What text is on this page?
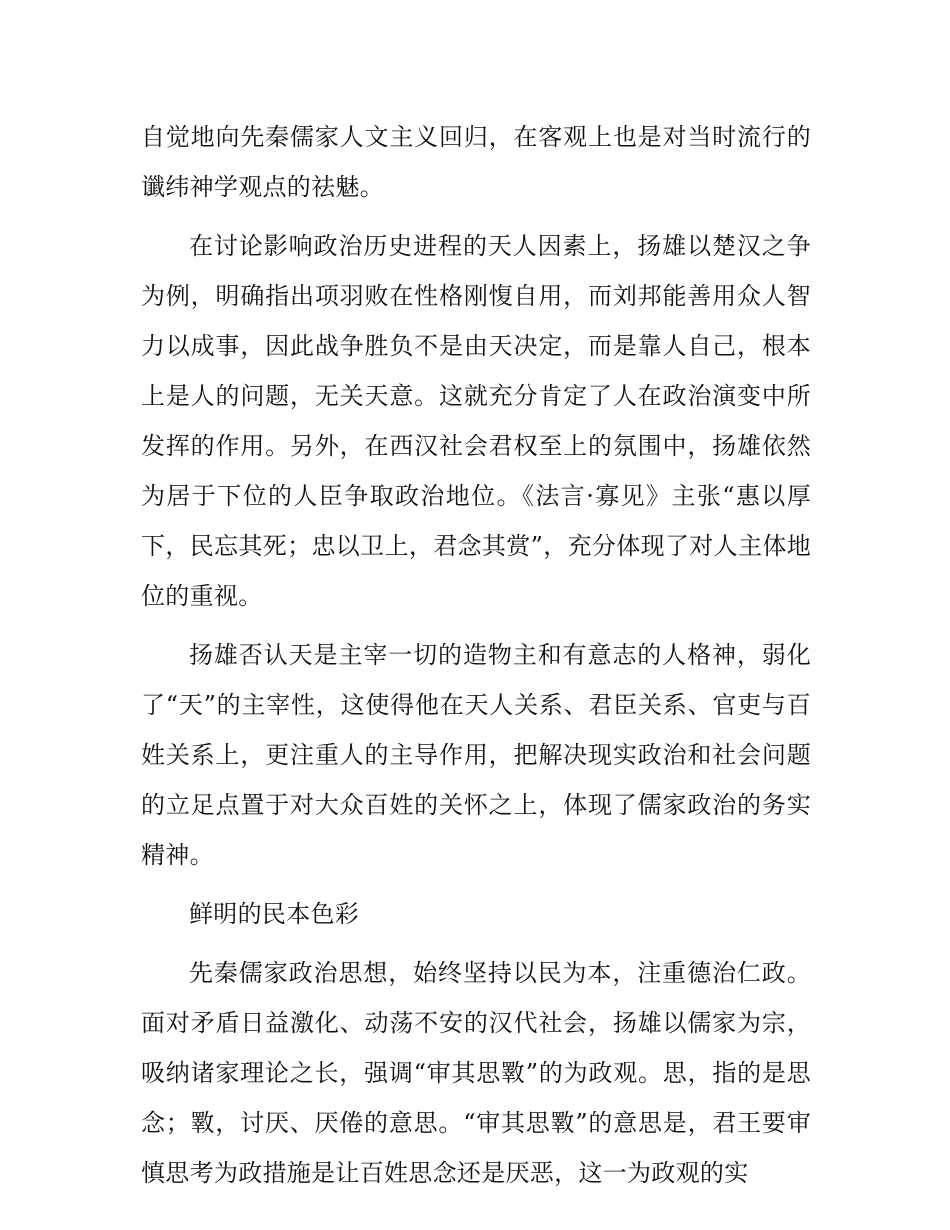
自觉地向先秦儒家人文主义回归，在客观上也是对当时流行的谶纬神学观点的祛魅。

在讨论影响政治历史进程的天人因素上，扬雄以楚汉之争为例，明确指出项羽败在性格刚愎自用，而刘邦能善用众人智力以成事，因此战争胜负不是由天决定，而是靠人自己，根本上是人的问题，无关天意。这就充分肯定了人在政治演变中所发挥的作用。另外，在西汉社会君权至上的氛围中，扬雄依然为居于下位的人臣争取政治地位。《法言·寡见》主张“惠以厚下，民忘其死；忠以卫上，君念其赏”，充分体现了对人主体地位的重视。

扬雄否认天是主宰一切的造物主和有意志的人格神，弱化了“天”的主宰性，这使得他在天人关系、君臣关系、官吏与百姓关系上，更注重人的主导作用，把解决现实政治和社会问题的立足点置于对大众百姓的关怀之上，体现了儒家政治的务实精神。

鲜明的民本色彩

先秦儒家政治思想，始终坚持以民为本，注重德治仁政。面对矛盾日益激化、动荡不安的汉代社会，扬雄以儒家为宗，吸纳诸家理论之长，强调“审其思斁”的为政观。思，指的是思念；斁，讨厌、厌倦的意思。“审其思斁”的意思是，君王要审慎思考为政措施是让百姓思念还是厌恶，这一为政观的实
